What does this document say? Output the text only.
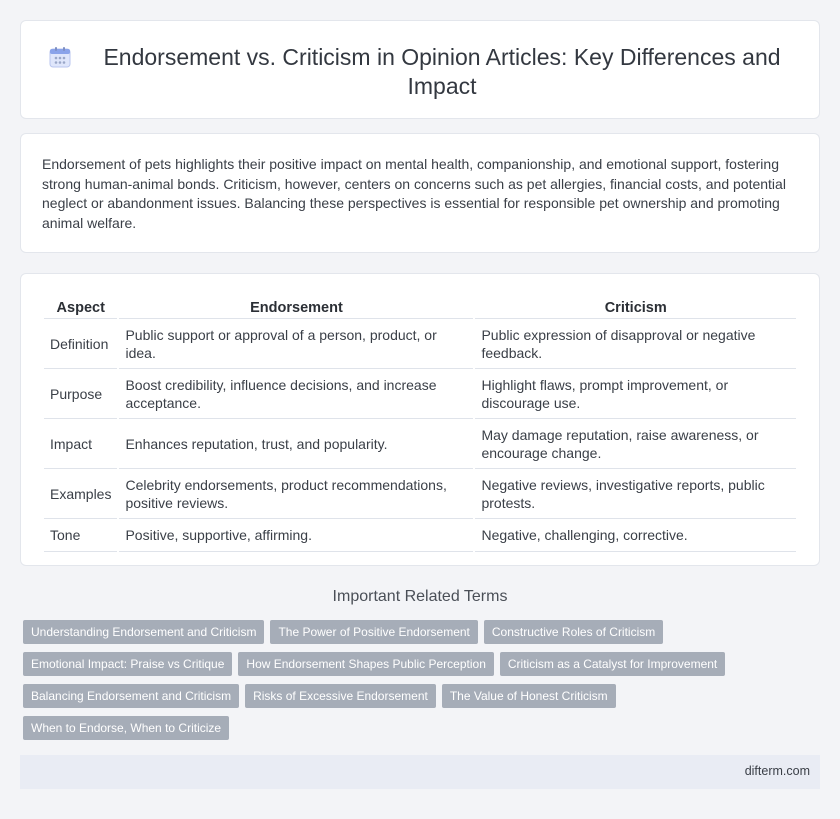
Endorsement vs. Criticism in Opinion Articles: Key Differences and Impact

Endorsement of pets highlights their positive impact on mental health, companionship, and emotional support, fostering strong human-animal bonds. Criticism, however, centers on concerns such as pet allergies, financial costs, and potential neglect or abandonment issues. Balancing these perspectives is essential for responsible pet ownership and promoting animal welfare.

Aspect	Endorsement	Criticism
Definition	Public support or approval of a person, product, or idea.	Public expression of disapproval or negative feedback.
Purpose	Boost credibility, influence decisions, and increase acceptance.	Highlight flaws, prompt improvement, or discourage use.
Impact	Enhances reputation, trust, and popularity.	May damage reputation, raise awareness, or encourage change.
Examples	Celebrity endorsements, product recommendations, positive reviews.	Negative reviews, investigative reports, public protests.
Tone	Positive, supportive, affirming.	Negative, challenging, corrective.
Important Related Terms
Understanding Endorsement and Criticism	The Power of Positive Endorsement	Constructive Roles of Criticism
Emotional Impact: Praise vs Critique	How Endorsement Shapes Public Perception	Criticism as a Catalyst for Improvement
Balancing Endorsement and Criticism	Risks of Excessive Endorsement	The Value of Honest Criticism
When to Endorse, When to Criticize
difterm.com
